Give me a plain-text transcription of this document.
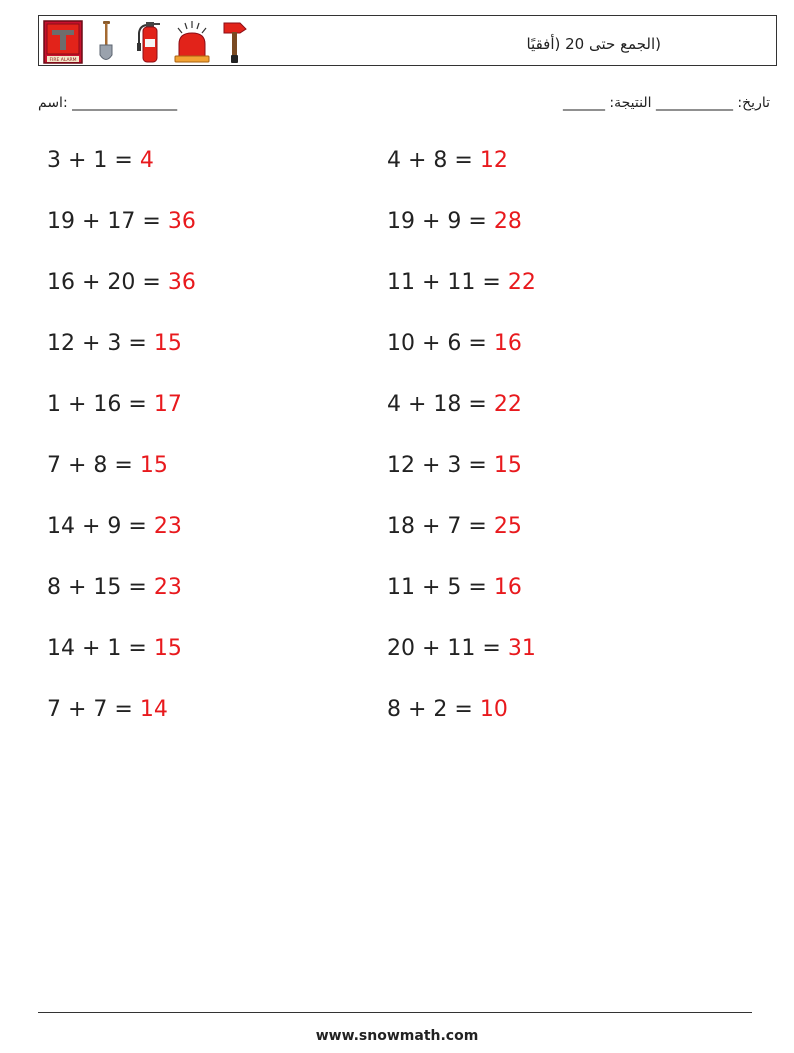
FIRE ALARM
(الجمع حتى 20 (أفقيًا
اسم: _______________	______ :تاريخ: ___________ النتيجة
3 + 1 = 4
19 + 17 = 36
16 + 20 = 36
12 + 3 = 15
1 + 16 = 17
7 + 8 = 15
14 + 9 = 23
8 + 15 = 23
14 + 1 = 15
7 + 7 = 14
4 + 8 = 12
19 + 9 = 28
11 + 11 = 22
10 + 6 = 16
4 + 18 = 22
12 + 3 = 15
18 + 7 = 25
11 + 5 = 16
20 + 11 = 31
8 + 2 = 10
www.snowmath.com
